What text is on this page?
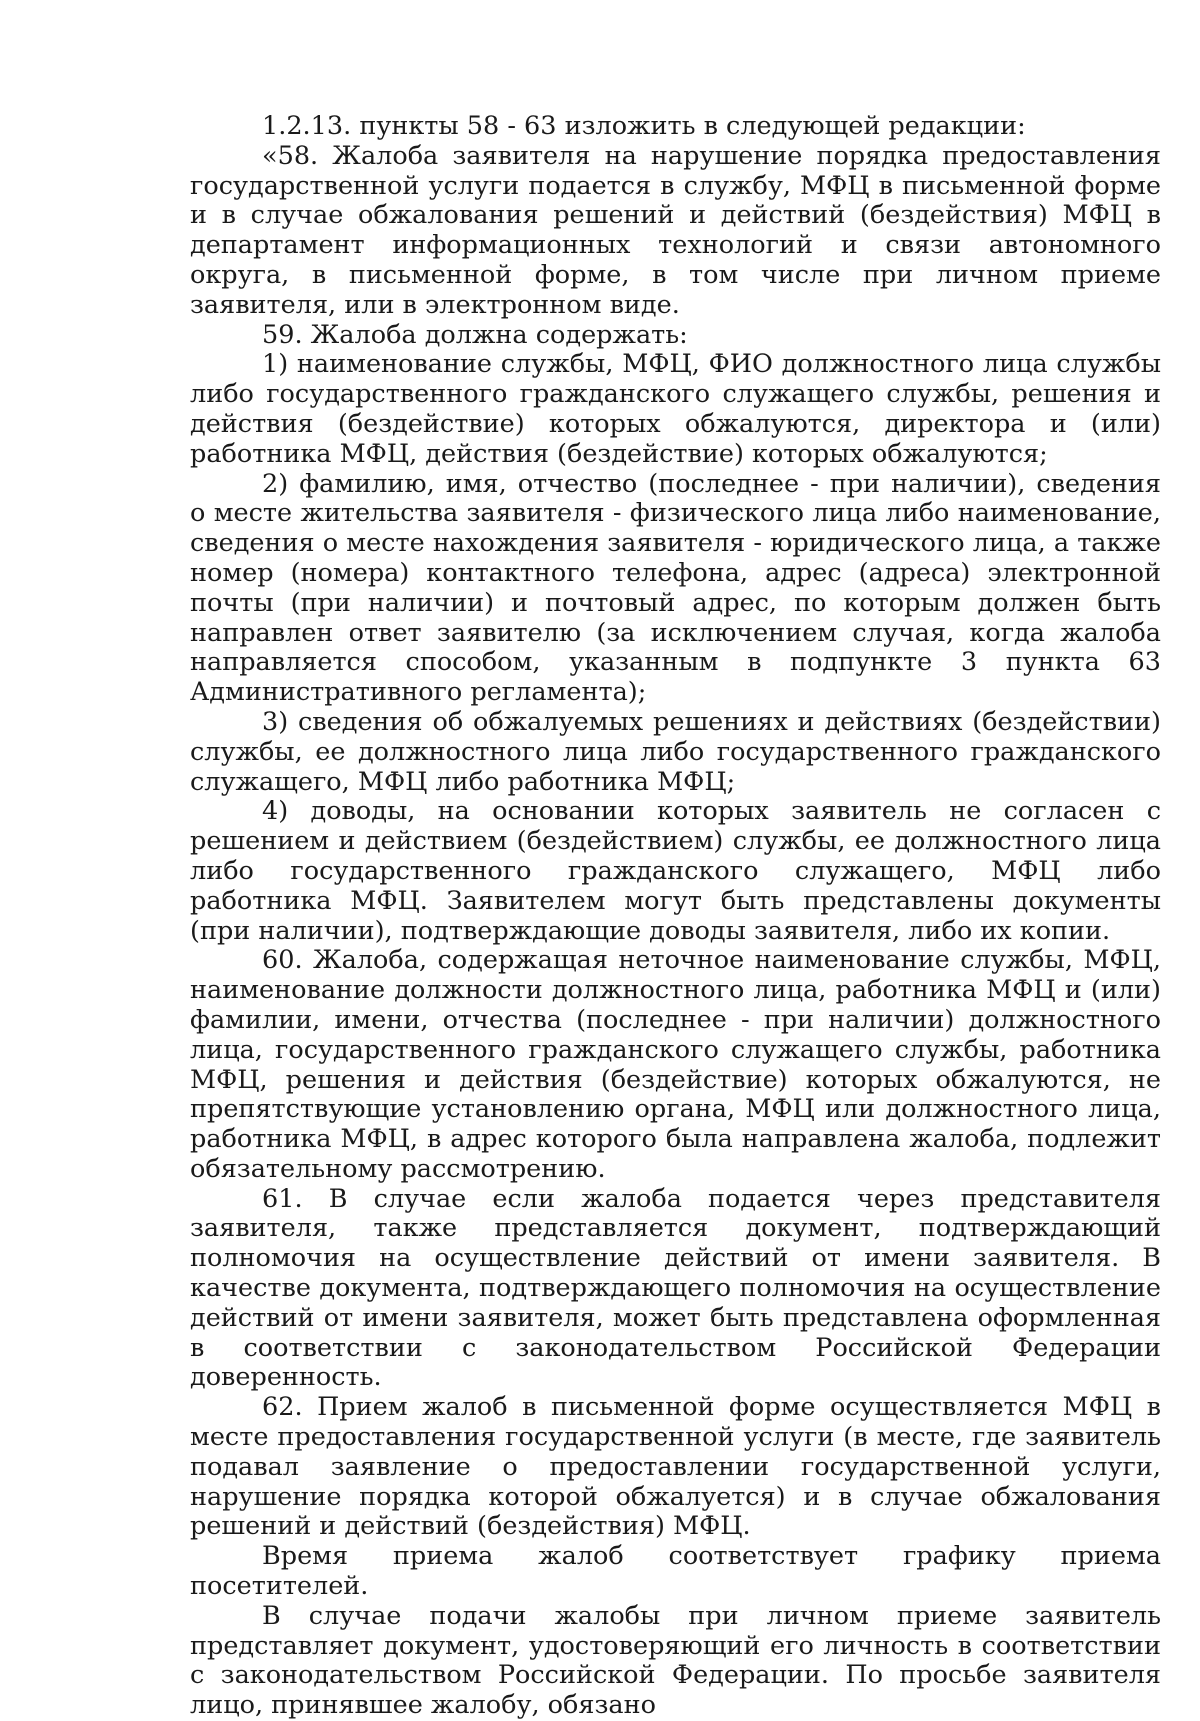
1.2.13. пункты 58 - 63 изложить в следующей редакции:

«58. Жалоба заявителя на нарушение порядка предоставления государственной услуги подается в службу, МФЦ в письменной форме и в случае обжалования решений и действий (бездействия) МФЦ в департамент информационных технологий и связи автономного округа, в письменной форме, в том числе при личном приеме заявителя, или в электронном виде.

59. Жалоба должна содержать:

1) наименование службы, МФЦ, ФИО должностного лица службы либо государственного гражданского служащего службы, решения и действия (бездействие) которых обжалуются, директора и (или) работника МФЦ, действия (бездействие) которых обжалуются;

2) фамилию, имя, отчество (последнее - при наличии), сведения о месте жительства заявителя - физического лица либо наименование, сведения о месте нахождения заявителя - юридического лица, а также номер (номера) контактного телефона, адрес (адреса) электронной почты (при наличии) и почтовый адрес, по которым должен быть направлен ответ заявителю (за исключением случая, когда жалоба направляется способом, указанным в подпункте 3 пункта 63 Административного регламента);

3) сведения об обжалуемых решениях и действиях (бездействии) службы, ее должностного лица либо государственного гражданского служащего, МФЦ либо работника МФЦ;

4) доводы, на основании которых заявитель не согласен с решением и действием (бездействием) службы, ее должностного лица либо государственного гражданского служащего, МФЦ либо работника МФЦ. Заявителем могут быть представлены документы (при наличии), подтверждающие доводы заявителя, либо их копии.

60. Жалоба, содержащая неточное наименование службы, МФЦ, наименование должности должностного лица, работника МФЦ и (или) фамилии, имени, отчества (последнее - при наличии) должностного лица, государственного гражданского служащего службы, работника МФЦ, решения и действия (бездействие) которых обжалуются, не препятствующие установлению органа, МФЦ или должностного лица, работника МФЦ, в адрес которого была направлена жалоба, подлежит обязательному рассмотрению.

61. В случае если жалоба подается через представителя заявителя, также представляется документ, подтверждающий полномочия на осуществление действий от имени заявителя. В качестве документа, подтверждающего полномочия на осуществление действий от имени заявителя, может быть представлена оформленная в соответствии с законодательством Российской Федерации доверенность.

62. Прием жалоб в письменной форме осуществляется МФЦ в месте предоставления государственной услуги (в месте, где заявитель подавал заявление о предоставлении государственной услуги, нарушение порядка которой обжалуется) и в случае обжалования решений и действий (бездействия) МФЦ.

Время приема жалоб соответствует графику приема посетителей.

В случае подачи жалобы при личном приеме заявитель представляет документ, удостоверяющий его личность в соответствии с законодательством Российской Федерации. По просьбе заявителя лицо, принявшее жалобу, обязано
